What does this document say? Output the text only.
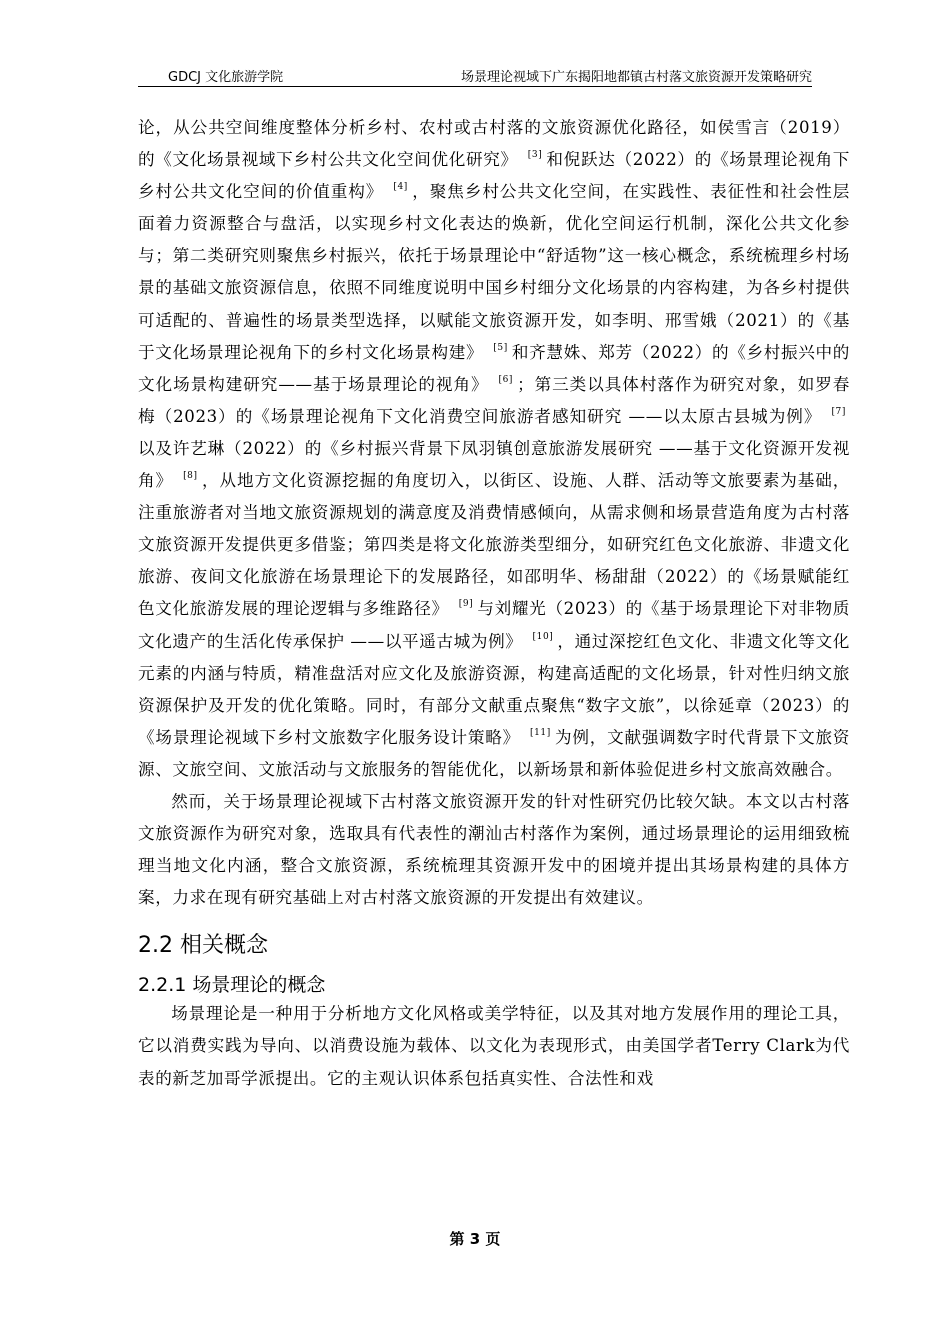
GDCJ 文化旅游学院	场景理论视域下广东揭阳地都镇古村落文旅资源开发策略研究

论，从公共空间维度整体分析乡村、农村或古村落的文旅资源优化路径，如侯雪言（2019）的《文化场景视域下乡村公共文化空间优化研究》 [3] 和倪跃达（2022）的《场景理论视角下乡村公共文化空间的价值重构》 [4] ，聚焦乡村公共文化空间，在实践性、表征性和社会性层面着力资源整合与盘活，以实现乡村文化表达的焕新，优化空间运行机制，深化公共文化参与；第二类研究则聚焦乡村振兴，依托于场景理论中“舒适物”这一核心概念，系统梳理乡村场景的基础文旅资源信息，依照不同维度说明中国乡村细分文化场景的内容构建，为各乡村提供可适配的、普遍性的场景类型选择，以赋能文旅资源开发，如李明、邢雪娥（2021）的《基于文化场景理论视角下的乡村文化场景构建》 [5] 和齐慧姝、郑芳（2022）的《乡村振兴中的文化场景构建研究——基于场景理论的视角》 [6] ；第三类以具体村落作为研究对象，如罗春梅（2023）的《场景理论视角下文化消费空间旅游者感知研究 ——以太原古县城为例》 [7]以及许艺琳（2022）的《乡村振兴背景下凤羽镇创意旅游发展研究 ——基于文化资源开发视角》 [8] ，从地方文化资源挖掘的角度切入，以街区、设施、人群、活动等文旅要素为基础，注重旅游者对当地文旅资源规划的满意度及消费情感倾向，从需求侧和场景营造角度为古村落文旅资源开发提供更多借鉴；第四类是将文化旅游类型细分，如研究红色文化旅游、非遗文化旅游、夜间文化旅游在场景理论下的发展路径，如邵明华、杨甜甜（2022）的《场景赋能红色文化旅游发展的理论逻辑与多维路径》 [9] 与刘耀光（2023）的《基于场景理论下对非物质文化遗产的生活化传承保护 ——以平遥古城为例》 [10] ，通过深挖红色文化、非遗文化等文化元素的内涵与特质，精准盘活对应文化及旅游资源，构建高适配的文化场景，针对性归纳文旅资源保护及开发的优化策略。同时，有部分文献重点聚焦“数字文旅”，以徐延章（2023）的《场景理论视域下乡村文旅数字化服务设计策略》 [11] 为例，文献强调数字时代背景下文旅资源、文旅空间、文旅活动与文旅服务的智能优化，以新场景和新体验促进乡村文旅高效融合。

然而，关于场景理论视域下古村落文旅资源开发的针对性研究仍比较欠缺。本文以古村落文旅资源作为研究对象，选取具有代表性的潮汕古村落作为案例，通过场景理论的运用细致梳理当地文化内涵，整合文旅资源，系统梳理其资源开发中的困境并提出其场景构建的具体方案，力求在现有研究基础上对古村落文旅资源的开发提出有效建议。

2.2 相关概念
2.2.1 场景理论的概念

场景理论是一种用于分析地方文化风格或美学特征，以及其对地方发展作用的理论工具，它以消费实践为导向、以消费设施为载体、以文化为表现形式，由美国学者Terry Clark为代表的新芝加哥学派提出。它的主观认识体系包括真实性、合法性和戏

第 3 页
